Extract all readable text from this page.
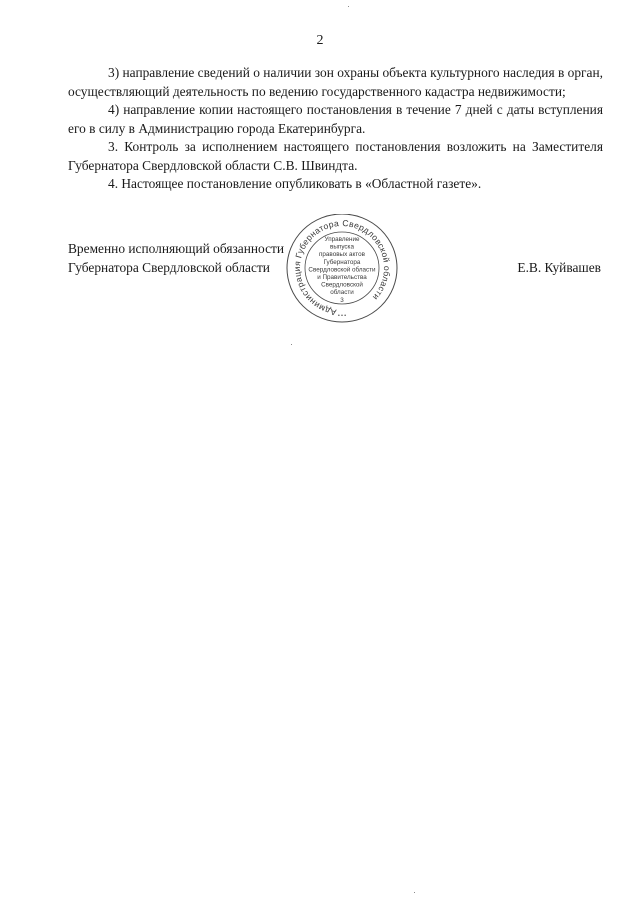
2

3) направление сведений о наличии зон охраны объекта культурного наследия в орган, осуществляющий деятельность по ведению государственного кадастра недвижимости;

4) направление копии настоящего постановления в течение 7 дней с даты вступления его в силу в Администрацию города Екатеринбурга.

3. Контроль за исполнением настоящего постановления возложить на Заместителя Губернатора Свердловской области С.В. Швиндта.

4. Настоящее постановление опубликовать в «Областной газете».

Временно исполняющий обязанности
Губернатора Свердловской области	Е.В. Куйвашев
Администрация Губернатора Свердловской области
Управление
выпуска
правовых актов
Губернатора
Свердловской области
и Правительства
Свердловской
области
3
• • •
